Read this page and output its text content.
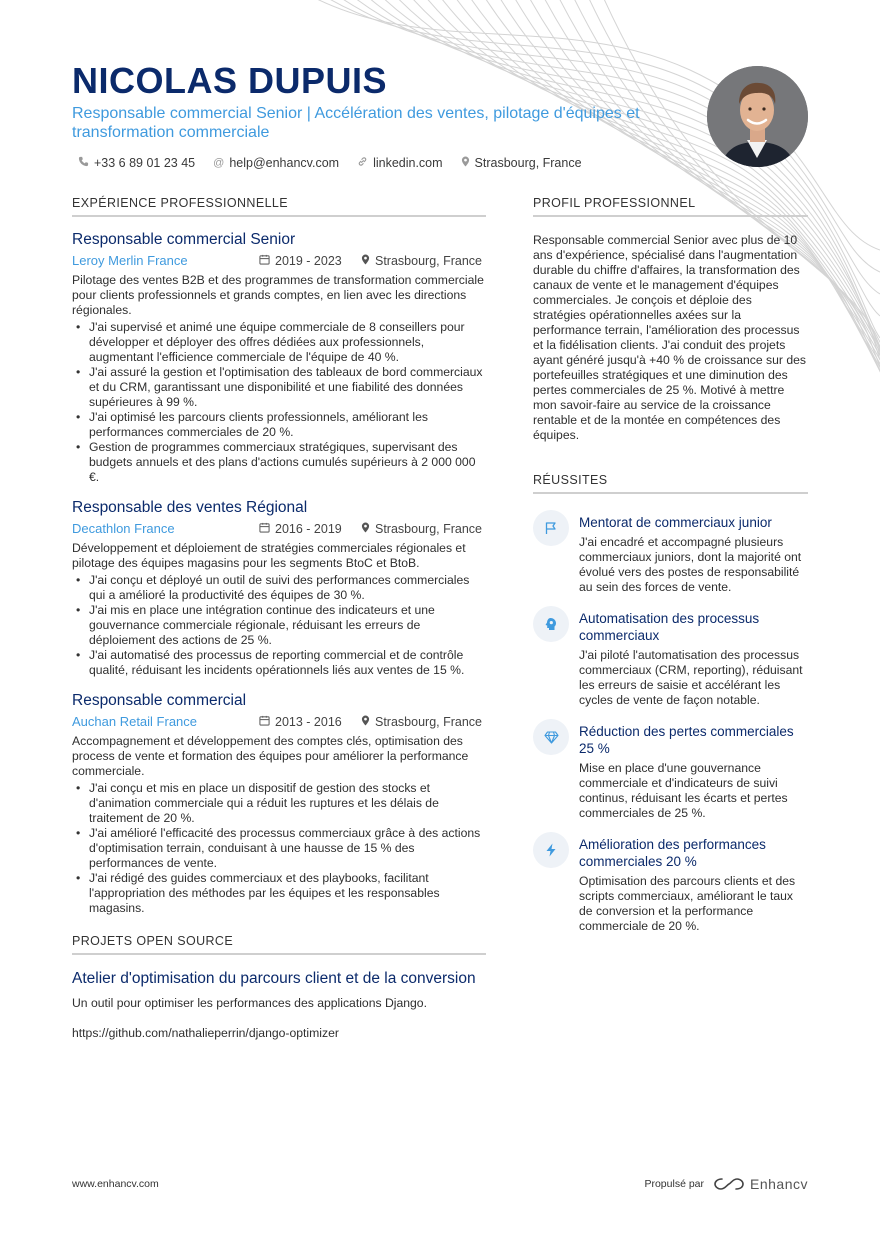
NICOLAS DUPUIS
Responsable commercial Senior | Accélération des ventes, pilotage d'équipes et transformation commerciale
+33 6 89 01 23 45 @ help@enhancv.com	linkedin.com	Strasbourg, France
EXPÉRIENCE PROFESSIONNELLE
Responsable commercial Senior
Leroy Merlin France	2019 - 2023	Strasbourg, France
Pilotage des ventes B2B et des programmes de transformation commerciale pour clients professionnels et grands comptes, en lien avec les directions régionales.
• J'ai supervisé et animé une équipe commerciale de 8 conseillers pour développer et déployer des offres dédiées aux professionnels, augmentant l'efficience commerciale de l'équipe de 40 %.
• J'ai assuré la gestion et l'optimisation des tableaux de bord commerciaux et du CRM, garantissant une disponibilité et une fiabilité des données supérieures à 99 %.
• J'ai optimisé les parcours clients professionnels, améliorant les performances commerciales de 20 %.
• Gestion de programmes commerciaux stratégiques, supervisant des budgets annuels et des plans d'actions cumulés supérieurs à 2 000 000 €.
Responsable des ventes Régional
Decathlon France	2016 - 2019	Strasbourg, France
Développement et déploiement de stratégies commerciales régionales et pilotage des équipes magasins pour les segments BtoC et BtoB.
• J'ai conçu et déployé un outil de suivi des performances commerciales qui a amélioré la productivité des équipes de 30 %.
• J'ai mis en place une intégration continue des indicateurs et une gouvernance commerciale régionale, réduisant les erreurs de déploiement des actions de 25 %.
• J'ai automatisé des processus de reporting commercial et de contrôle qualité, réduisant les incidents opérationnels liés aux ventes de 15 %.
Responsable commercial
Auchan Retail France	2013 - 2016	Strasbourg, France
Accompagnement et développement des comptes clés, optimisation des process de vente et formation des équipes pour améliorer la performance commerciale.
• J'ai conçu et mis en place un dispositif de gestion des stocks et d'animation commerciale qui a réduit les ruptures et les délais de traitement de 20 %.
• J'ai amélioré l'efficacité des processus commerciaux grâce à des actions d'optimisation terrain, conduisant à une hausse de 15 % des performances de vente.
• J'ai rédigé des guides commerciaux et des playbooks, facilitant l'appropriation des méthodes par les équipes et les responsables magasins.
PROJETS OPEN SOURCE
Atelier d'optimisation du parcours client et de la conversion
Un outil pour optimiser les performances des applications Django.
https://github.com/nathalieperrin/django-optimizer
PROFIL PROFESSIONNEL
Responsable commercial Senior avec plus de 10 ans d'expérience, spécialisé dans l'augmentation durable du chiffre d'affaires, la transformation des canaux de vente et le management d'équipes commerciales. Je conçois et déploie des stratégies opérationnelles axées sur la performance terrain, l'amélioration des processus et la fidélisation clients. J'ai conduit des projets ayant généré jusqu'à +40 % de croissance sur des portefeuilles stratégiques et une diminution des pertes commerciales de 25 %. Motivé à mettre mon savoir-faire au service de la croissance rentable et de la montée en compétences des équipes.
RÉUSSITES
Mentorat de commerciaux junior
J'ai encadré et accompagné plusieurs commerciaux juniors, dont la majorité ont évolué vers des postes de responsabilité au sein des forces de vente.
Automatisation des processus commerciaux
J'ai piloté l'automatisation des processus commerciaux (CRM, reporting), réduisant les erreurs de saisie et accélérant les cycles de vente de façon notable.
Réduction des pertes commerciales 25 %
Mise en place d'une gouvernance commerciale et d'indicateurs de suivi continus, réduisant les écarts et pertes commerciales de 25 %.
Amélioration des performances commerciales 20 %
Optimisation des parcours clients et des scripts commerciaux, améliorant le taux de conversion et la performance commerciale de 20 %.
www.enhancv.com	Propulsé par	Enhancv
